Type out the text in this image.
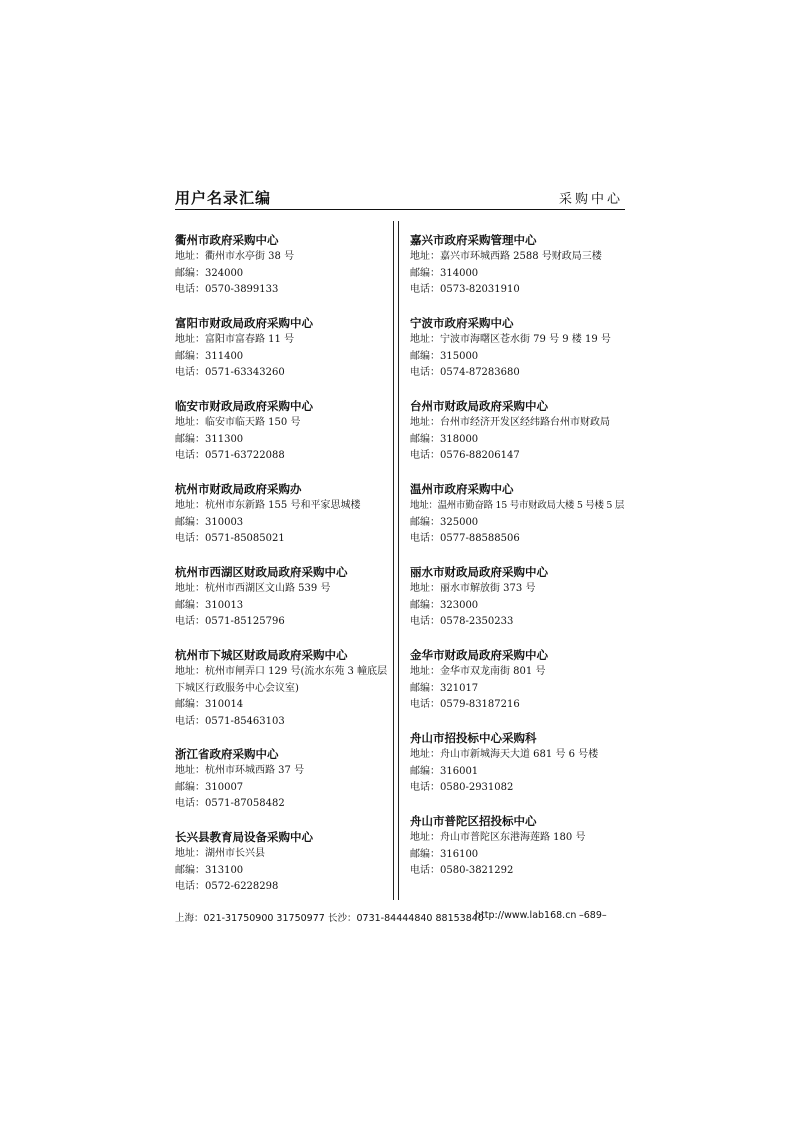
用户名录汇编	采购中心
衢州市政府采购中心
地址：衢州市水亭街 38 号
邮编：324000
电话：0570-3899133
富阳市财政局政府采购中心
地址：富阳市富春路 11 号
邮编：311400
电话：0571-63343260
临安市财政局政府采购中心
地址：临安市临天路 150 号
邮编：311300
电话：0571-63722088
杭州市财政局政府采购办
地址：杭州市东新路 155 号和平家思城楼
邮编：310003
电话：0571-85085021
杭州市西湖区财政局政府采购中心
地址：杭州市西湖区文山路 539 号
邮编：310013
电话：0571-85125796
杭州市下城区财政局政府采购中心
地址：杭州市闸弄口 129 号(流水东苑 3 幢底层下城区行政服务中心会议室)
邮编：310014
电话：0571-85463103
浙江省政府采购中心
地址：杭州市环城西路 37 号
邮编：310007
电话：0571-87058482
长兴县教育局设备采购中心
地址：湖州市长兴县
邮编：313100
电话：0572-6228298
嘉兴市政府采购管理中心
地址：嘉兴市环城西路 2588 号财政局三楼
邮编：314000
电话：0573-82031910
宁波市政府采购中心
地址：宁波市海曙区苍水街 79 号 9 楼 19 号
邮编：315000
电话：0574-87283680
台州市财政局政府采购中心
地址：台州市经济开发区经纬路台州市财政局
邮编：318000
电话：0576-88206147
温州市政府采购中心
地址：温州市勤奋路 15 号市财政局大楼 5 号楼 5 层
邮编：325000
电话：0577-88588506
丽水市财政局政府采购中心
地址：丽水市解放街 373 号
邮编：323000
电话：0578-2350233
金华市财政局政府采购中心
地址：金华市双龙南街 801 号
邮编：321017
电话：0579-83187216
舟山市招投标中心采购科
地址：舟山市新城海天大道 681 号 6 号楼
邮编：316001
电话：0580-2931082
舟山市普陀区招投标中心
地址：舟山市普陀区东港海莲路 180 号
邮编：316100
电话：0580-3821292
上海：021-31750900 31750977 长沙：0731-84444840 88153840
http://www.lab168.cn –689–
